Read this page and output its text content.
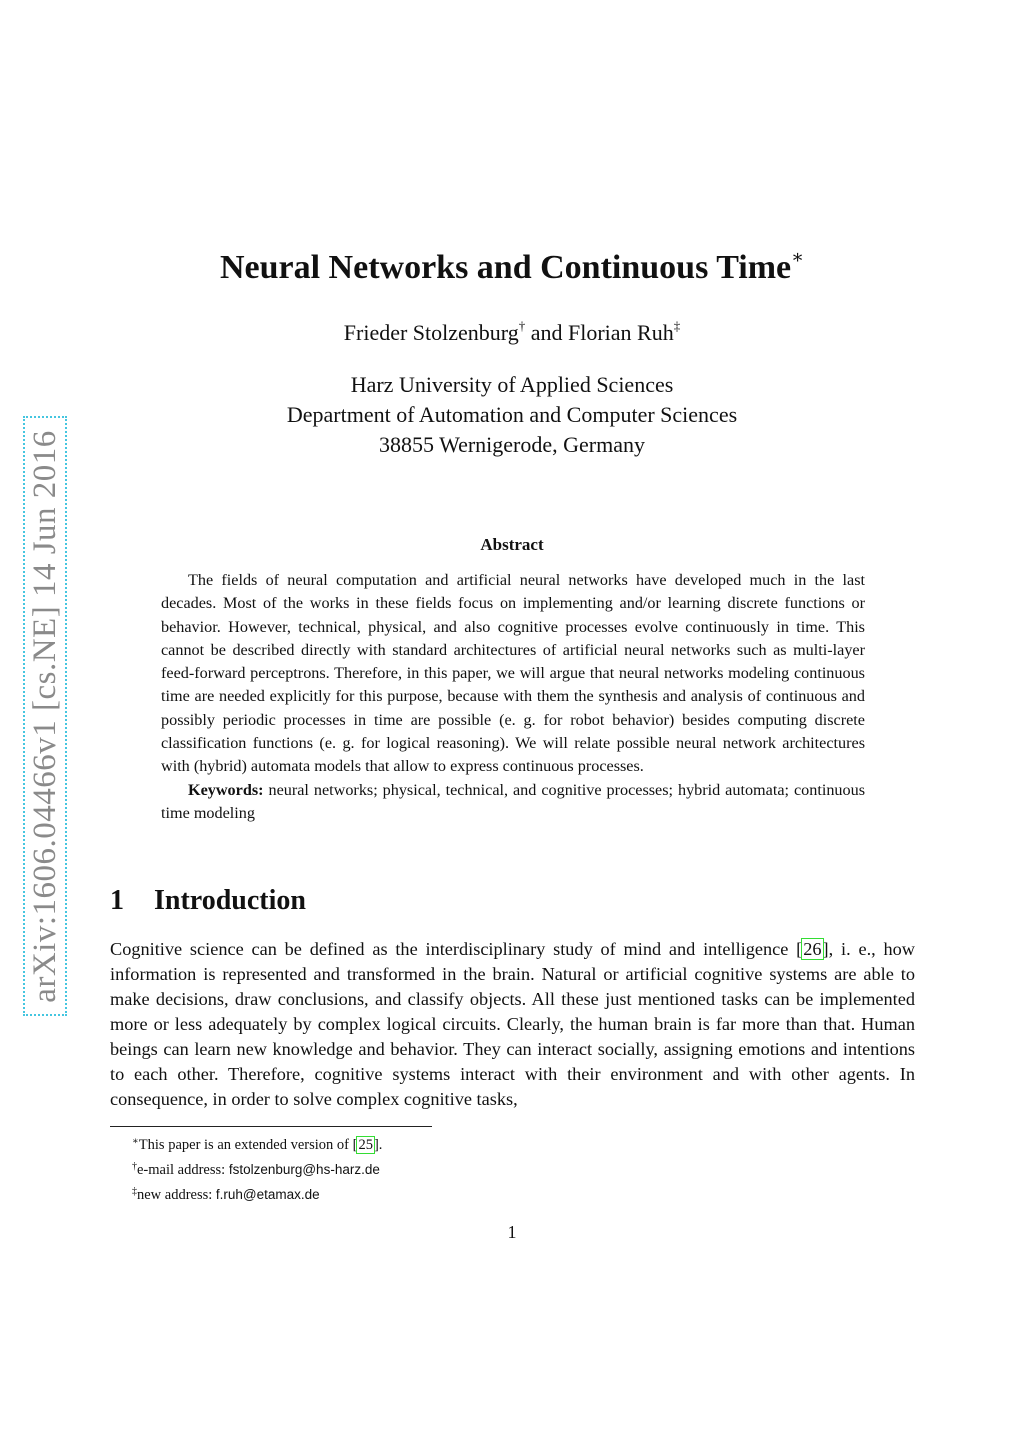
arXiv:1606.04466v1 [cs.NE] 14 Jun 2016
Neural Networks and Continuous Time∗
Frieder Stolzenburg† and Florian Ruh‡
Harz University of Applied Sciences
Department of Automation and Computer Sciences
38855 Wernigerode, Germany
Abstract

The fields of neural computation and artificial neural networks have developed much in the last decades. Most of the works in these fields focus on implementing and/or learning discrete functions or behavior. However, technical, physical, and also cognitive processes evolve continuously in time. This cannot be described directly with standard architectures of artificial neural networks such as multi-layer feed-forward perceptrons. Therefore, in this paper, we will argue that neural networks modeling continuous time are needed explicitly for this purpose, because with them the synthesis and analysis of continuous and possibly periodic processes in time are possible (e. g. for robot behavior) besides computing discrete classification functions (e. g. for logical reasoning). We will relate possible neural network architectures with (hybrid) automata models that allow to express continuous processes.

Keywords: neural networks; physical, technical, and cognitive processes; hybrid automata; continuous time modeling

1 Introduction

Cognitive science can be defined as the interdisciplinary study of mind and intelligence [26], i. e., how information is represented and transformed in the brain. Natural or artificial cognitive systems are able to make decisions, draw conclusions, and classify objects. All these just mentioned tasks can be implemented more or less adequately by complex logical circuits. Clearly, the human brain is far more than that. Human beings can learn new knowledge and behavior. They can interact socially, assigning emotions and intentions to each other. Therefore, cognitive systems interact with their environment and with other agents. In consequence, in order to solve complex cognitive tasks,

∗This paper is an extended version of [25].
†e-mail address: fstolzenburg@hs-harz.de
‡new address: f.ruh@etamax.de
1
